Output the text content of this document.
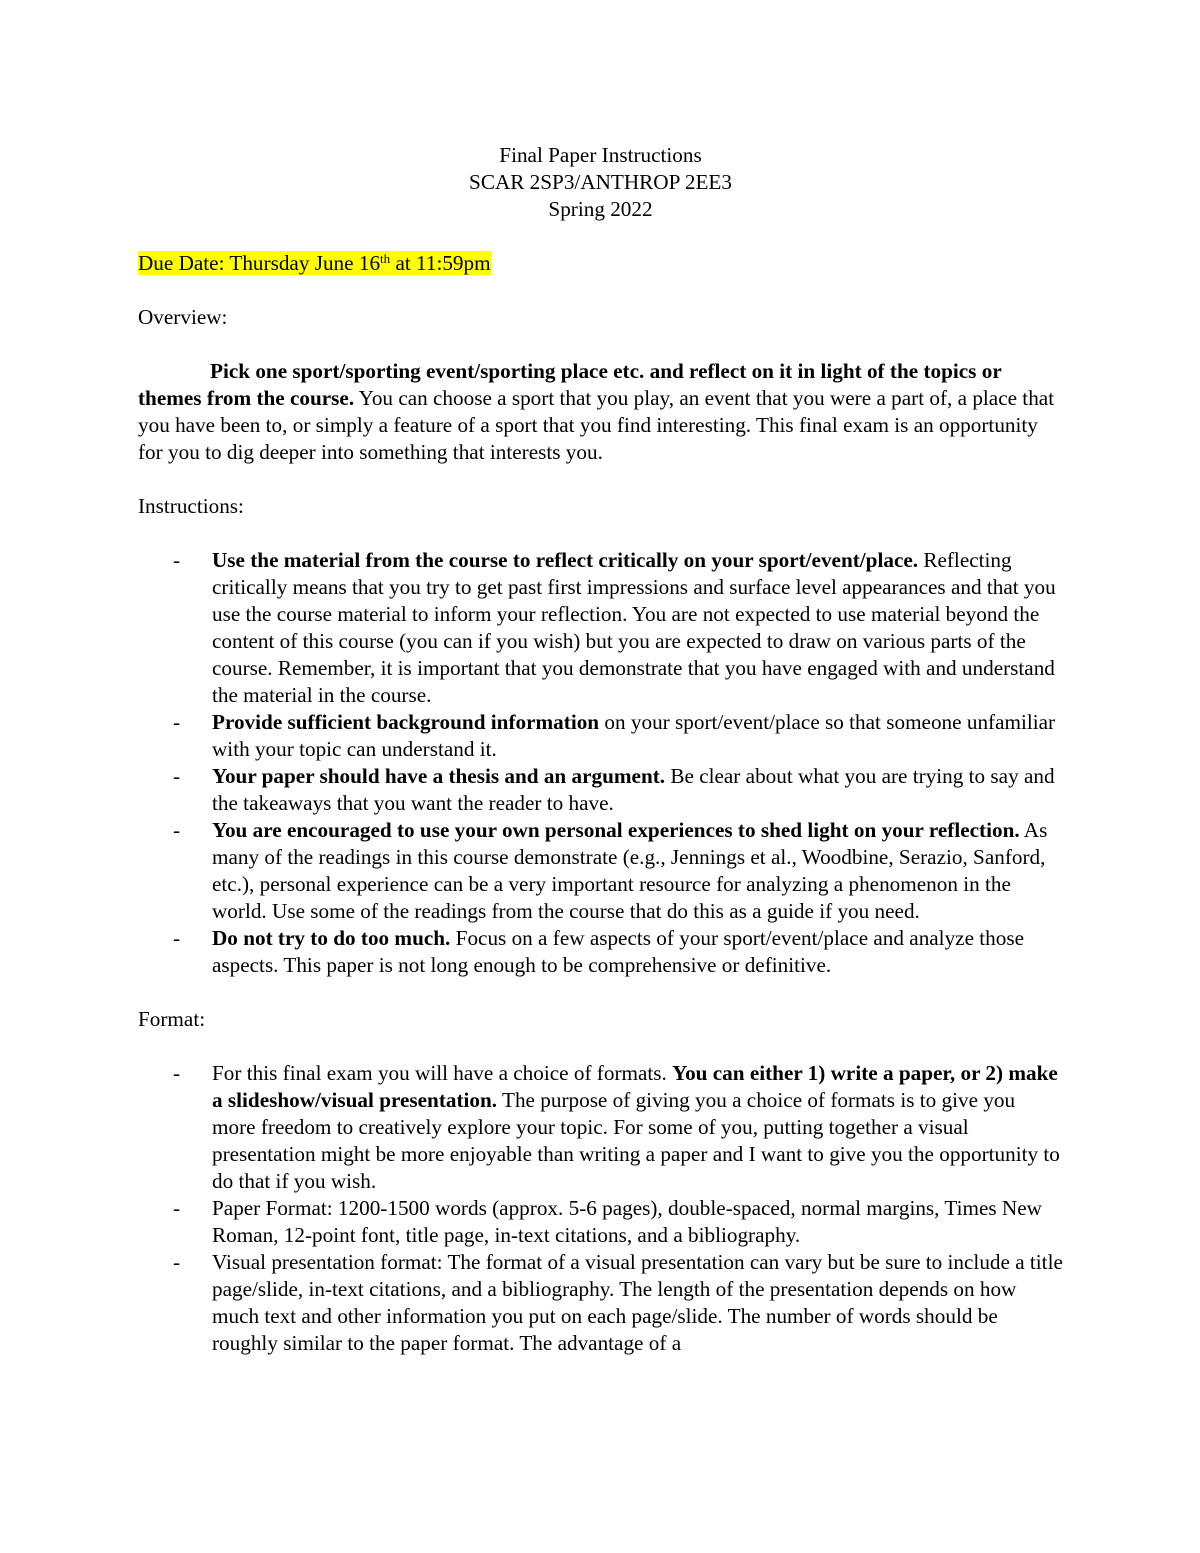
Final Paper Instructions
SCAR 2SP3/ANTHROP 2EE3
Spring 2022

Due Date: Thursday June 16th at 11:59pm

Overview:

Pick one sport/sporting event/sporting place etc. and reflect on it in light of the topics or themes from the course. You can choose a sport that you play, an event that you were a part of, a place that you have been to, or simply a feature of a sport that you find interesting. This final exam is an opportunity for you to dig deeper into something that interests you.

Instructions:

- Use the material from the course to reflect critically on your sport/event/place. Reflecting critically means that you try to get past first impressions and surface level appearances and that you use the course material to inform your reflection. You are not expected to use material beyond the content of this course (you can if you wish) but you are expected to draw on various parts of the course. Remember, it is important that you demonstrate that you have engaged with and understand the material in the course.
- Provide sufficient background information on your sport/event/place so that someone unfamiliar with your topic can understand it.
- Your paper should have a thesis and an argument. Be clear about what you are trying to say and the takeaways that you want the reader to have.
- You are encouraged to use your own personal experiences to shed light on your reflection. As many of the readings in this course demonstrate (e.g., Jennings et al., Woodbine, Serazio, Sanford, etc.), personal experience can be a very important resource for analyzing a phenomenon in the world. Use some of the readings from the course that do this as a guide if you need.
- Do not try to do too much. Focus on a few aspects of your sport/event/place and analyze those aspects. This paper is not long enough to be comprehensive or definitive.

Format:

- For this final exam you will have a choice of formats. You can either 1) write a paper, or 2) make a slideshow/visual presentation. The purpose of giving you a choice of formats is to give you more freedom to creatively explore your topic. For some of you, putting together a visual presentation might be more enjoyable than writing a paper and I want to give you the opportunity to do that if you wish.
- Paper Format: 1200-1500 words (approx. 5-6 pages), double-spaced, normal margins, Times New Roman, 12-point font, title page, in-text citations, and a bibliography.
- Visual presentation format: The format of a visual presentation can vary but be sure to include a title page/slide, in-text citations, and a bibliography. The length of the presentation depends on how much text and other information you put on each page/slide. The number of words should be roughly similar to the paper format. The advantage of a
